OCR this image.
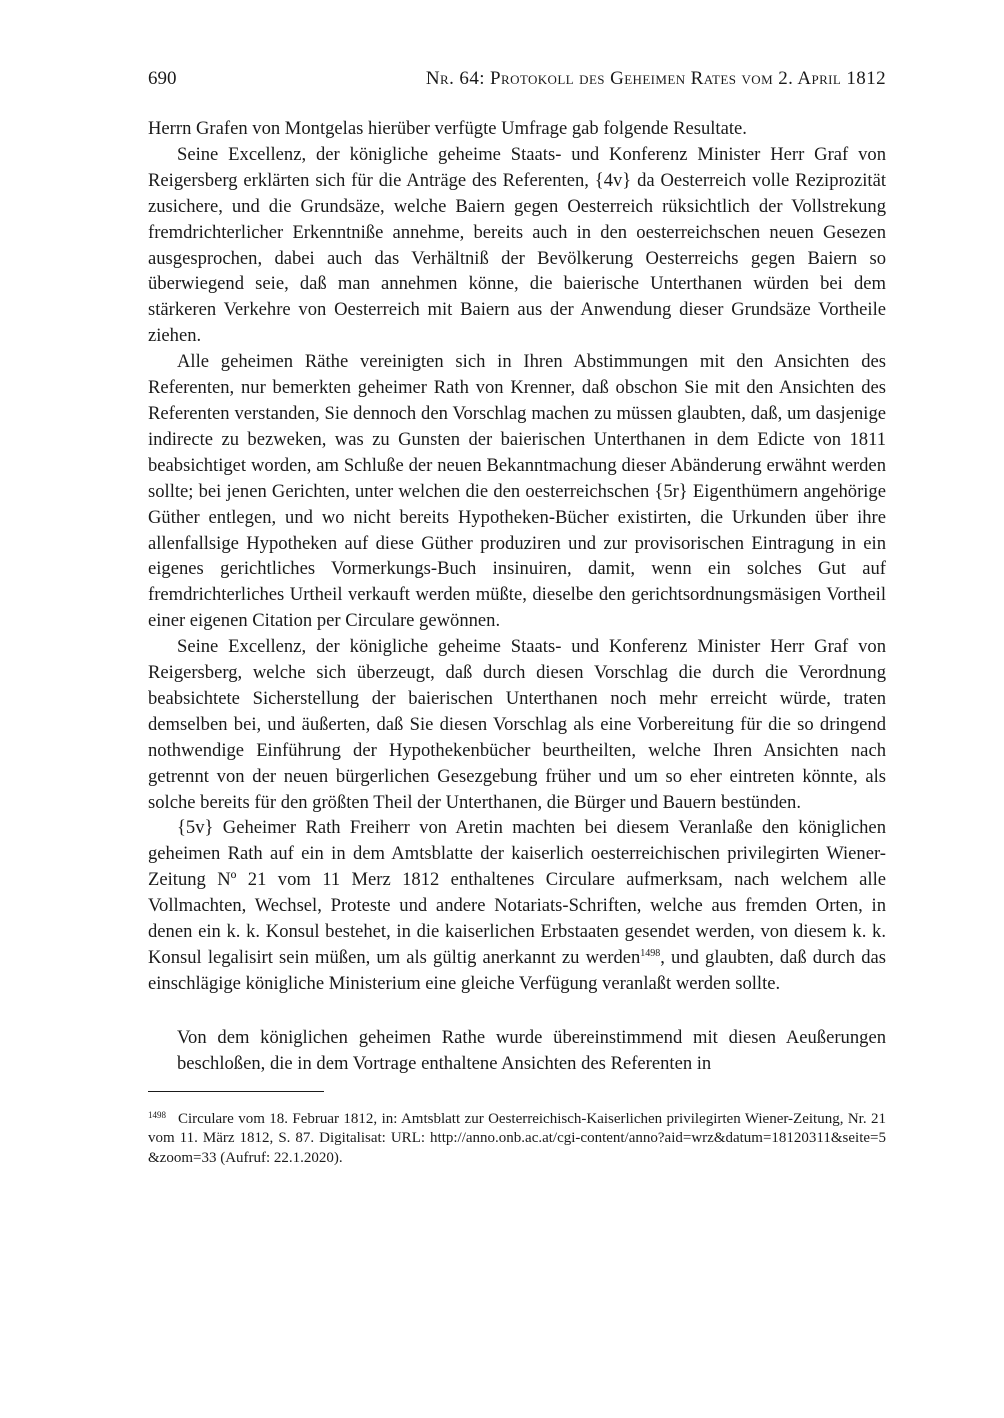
690	Nr. 64: Protokoll des Geheimen Rates vom 2. April 1812

Herrn Grafen von Montgelas hierüber verfügte Umfrage gab folgende Resultate.

Seine Excellenz, der königliche geheime Staats- und Konferenz Minister Herr Graf von Reigersberg erklärten sich für die Anträge des Referenten, {4v} da Oesterreich volle Reziprozität zusichere, und die Grundsäze, welche Baiern gegen Oesterreich rüksichtlich der Vollstrekung fremdrichterlicher Erkenntniße annehme, bereits auch in den oesterreichschen neuen Gesezen ausgesprochen, dabei auch das Verhältniß der Bevölkerung Oesterreichs gegen Baiern so überwiegend seie, daß man annehmen könne, die baierische Unterthanen würden bei dem stärkeren Verkehre von Oesterreich mit Baiern aus der Anwendung dieser Grundsäze Vortheile ziehen.

Alle geheimen Räthe vereinigten sich in Ihren Abstimmungen mit den Ansichten des Referenten, nur bemerkten geheimer Rath von Krenner, daß obschon Sie mit den Ansichten des Referenten verstanden, Sie dennoch den Vorschlag machen zu müssen glaubten, daß, um dasjenige indirecte zu bezweken, was zu Gunsten der baierischen Unterthanen in dem Edicte von 1811 beabsichtiget worden, am Schluße der neuen Bekanntmachung dieser Abänderung erwähnt werden sollte; bei jenen Gerichten, unter welchen die den oesterreichschen {5r} Eigenthümern angehörige Güther entlegen, und wo nicht bereits Hypotheken-Bücher existirten, die Urkunden über ihre allenfallsige Hypotheken auf diese Güther produziren und zur provisorischen Eintragung in ein eigenes gerichtliches Vormerkungs-Buch insinuiren, damit, wenn ein solches Gut auf fremdrichterliches Urtheil verkauft werden müßte, dieselbe den gerichtsordnungsmäsigen Vortheil einer eigenen Citation per Circulare gewönnen.

Seine Excellenz, der königliche geheime Staats- und Konferenz Minister Herr Graf von Reigersberg, welche sich überzeugt, daß durch diesen Vorschlag die durch die Verordnung beabsichtete Sicherstellung der baierischen Unterthanen noch mehr erreicht würde, traten demselben bei, und äußerten, daß Sie diesen Vorschlag als eine Vorbereitung für die so dringend nothwendige Einführung der Hypothekenbücher beurtheilten, welche Ihren Ansichten nach getrennt von der neuen bürgerlichen Gesezgebung früher und um so eher eintreten könnte, als solche bereits für den größten Theil der Unterthanen, die Bürger und Bauern bestünden.

{5v} Geheimer Rath Freiherr von Aretin machten bei diesem Veranlaße den königlichen geheimen Rath auf ein in dem Amtsblatte der kaiserlich oesterreichischen privilegirten Wiener-Zeitung Nº 21 vom 11 Merz 1812 enthaltenes Circulare aufmerksam, nach welchem alle Vollmachten, Wechsel, Proteste und andere Notariats-Schriften, welche aus fremden Orten, in denen ein k. k. Konsul bestehet, in die kaiserlichen Erbstaaten gesendet werden, von diesem k. k. Konsul legalisirt sein müßen, um als gültig anerkannt zu werden$^{1498}$, und glaubten, daß durch das einschlägige königliche Ministerium eine gleiche Verfügung veranlaßt werden sollte.

Von dem königlichen geheimen Rathe wurde übereinstimmend mit diesen Aeußerungen beschloßen, die in dem Vortrage enthaltene Ansichten des Referenten in

$^{1498}$ Circulare vom 18. Februar 1812, in: Amtsblatt zur Oesterreichisch-Kaiserlichen privilegirten Wiener-Zeitung, Nr. 21 vom 11. März 1812, S. 87. Digitalisat: URL: http://anno.onb.ac.at/cgi-content/anno?aid=wrz&datum=18120311&seite=5&zoom=33 (Aufruf: 22.1.2020).
